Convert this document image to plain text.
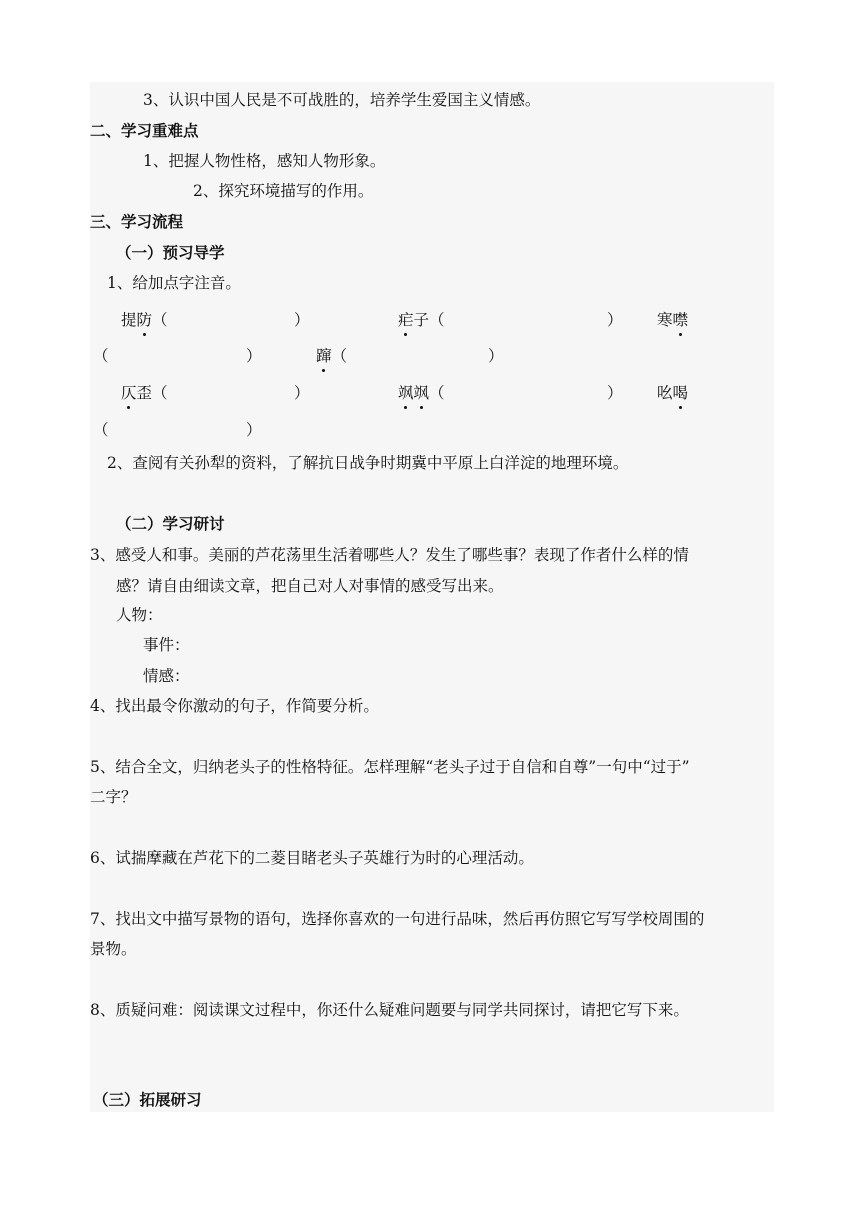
3、认识中国人民是不可战胜的，培养学生爱国主义情感。
二、学习重难点
1、把握人物性格，感知人物形象。
2、探究环境描写的作用。
三、学习流程
（一）预习导学
1、给加点字注音。
提防（	）	疟子（	） 寒噤
（	）	蹿（	）
仄歪（	）	飒飒（	） 吆喝
（	）
2、查阅有关孙犁的资料，了解抗日战争时期冀中平原上白洋淀的地理环境。
（二）学习研讨
3、感受人和事。美丽的芦花荡里生活着哪些人？发生了哪些事？表现了作者什么样的情
感？请自由细读文章，把自己对人对事情的感受写出来。
人物：
事件：
情感：
4、找出最令你激动的句子，作简要分析。
5、结合全文，归纳老头子的性格特征。怎样理解“老头子过于自信和自尊”一句中“过于”
二字？
6、试揣摩藏在芦花下的二菱目睹老头子英雄行为时的心理活动。
7、找出文中描写景物的语句，选择你喜欢的一句进行品味，然后再仿照它写写学校周围的
景物。
8、质疑问难：阅读课文过程中，你还什么疑难问题要与同学共同探讨，请把它写下来。
（三）拓展研习
